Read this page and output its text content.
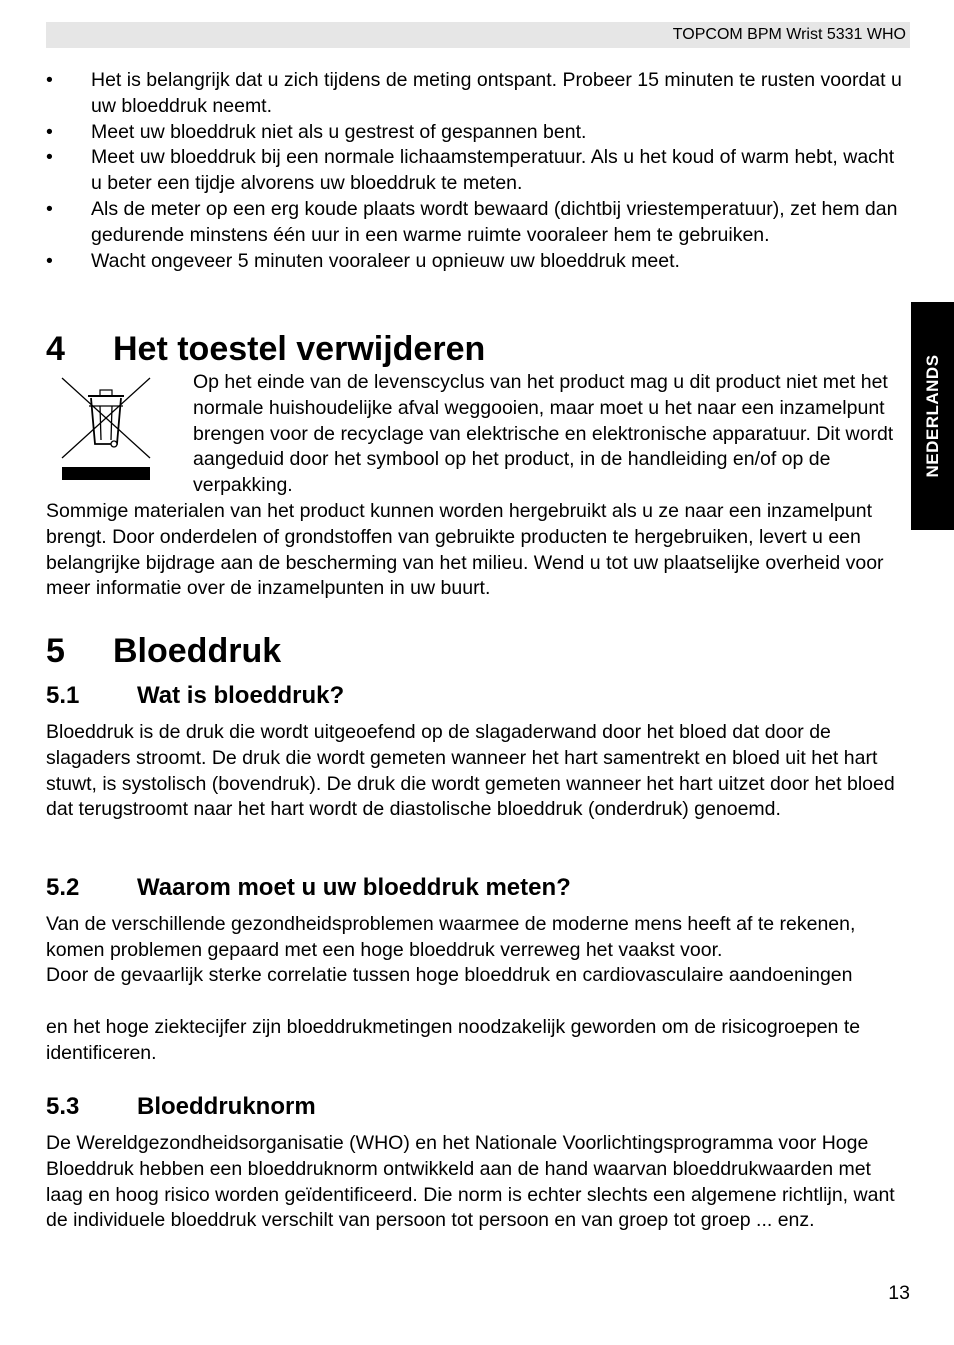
TOPCOM BPM Wrist 5331 WHO
NEDERLANDS
• Het is belangrijk dat u zich tijdens de meting ontspant. Probeer 15 minuten te rusten voordat u uw bloeddruk neemt.
• Meet uw bloeddruk niet als u gestrest of gespannen bent.
• Meet uw bloeddruk bij een normale lichaamstemperatuur. Als u het koud of warm hebt, wacht u beter een tijdje alvorens uw bloeddruk te meten.
• Als de meter op een erg koude plaats wordt bewaard (dichtbij vriestemperatuur), zet hem dan gedurende minstens één uur in een warme ruimte vooraleer hem te gebruiken.
• Wacht ongeveer 5 minuten vooraleer u opnieuw uw bloeddruk meet.
4 Het toestel verwijderen

Op het einde van de levenscyclus van het product mag u dit product niet met het normale huishoudelijke afval weggooien, maar moet u het naar een inzamelpunt brengen voor de recyclage van elektrische en elektronische apparatuur. Dit wordt aangeduid door het symbool op het product, in de handleiding en/of op de verpakking.

Sommige materialen van het product kunnen worden hergebruikt als u ze naar een inzamelpunt brengt. Door onderdelen of grondstoffen van gebruikte producten te hergebruiken, levert u een belangrijke bijdrage aan de bescherming van het milieu. Wend u tot uw plaatselijke overheid voor meer informatie over de inzamelpunten in uw buurt.

5 Bloeddruk
5.1 Wat is bloeddruk?

Bloeddruk is de druk die wordt uitgeoefend op de slagaderwand door het bloed dat door de slagaders stroomt. De druk die wordt gemeten wanneer het hart samentrekt en bloed uit het hart stuwt, is systolisch (bovendruk). De druk die wordt gemeten wanneer het hart uitzet door het bloed dat terugstroomt naar het hart wordt de diastolische bloeddruk (onderdruk) genoemd.

5.2 Waarom moet u uw bloeddruk meten?

Van de verschillende gezondheidsproblemen waarmee de moderne mens heeft af te rekenen, komen problemen gepaard met een hoge bloeddruk verreweg het vaakst voor.

Door de gevaarlijk sterke correlatie tussen hoge bloeddruk en cardiovasculaire aandoeningen

en het hoge ziektecijfer zijn bloeddrukmetingen noodzakelijk geworden om de risicogroepen te identificeren.

5.3 Bloeddruknorm

De Wereldgezondheidsorganisatie (WHO) en het Nationale Voorlichtingsprogramma voor Hoge Bloeddruk hebben een bloeddruknorm ontwikkeld aan de hand waarvan bloeddrukwaarden met laag en hoog risico worden geïdentificeerd. Die norm is echter slechts een algemene richtlijn, want de individuele bloeddruk verschilt van persoon tot persoon en van groep tot groep ... enz.

13
